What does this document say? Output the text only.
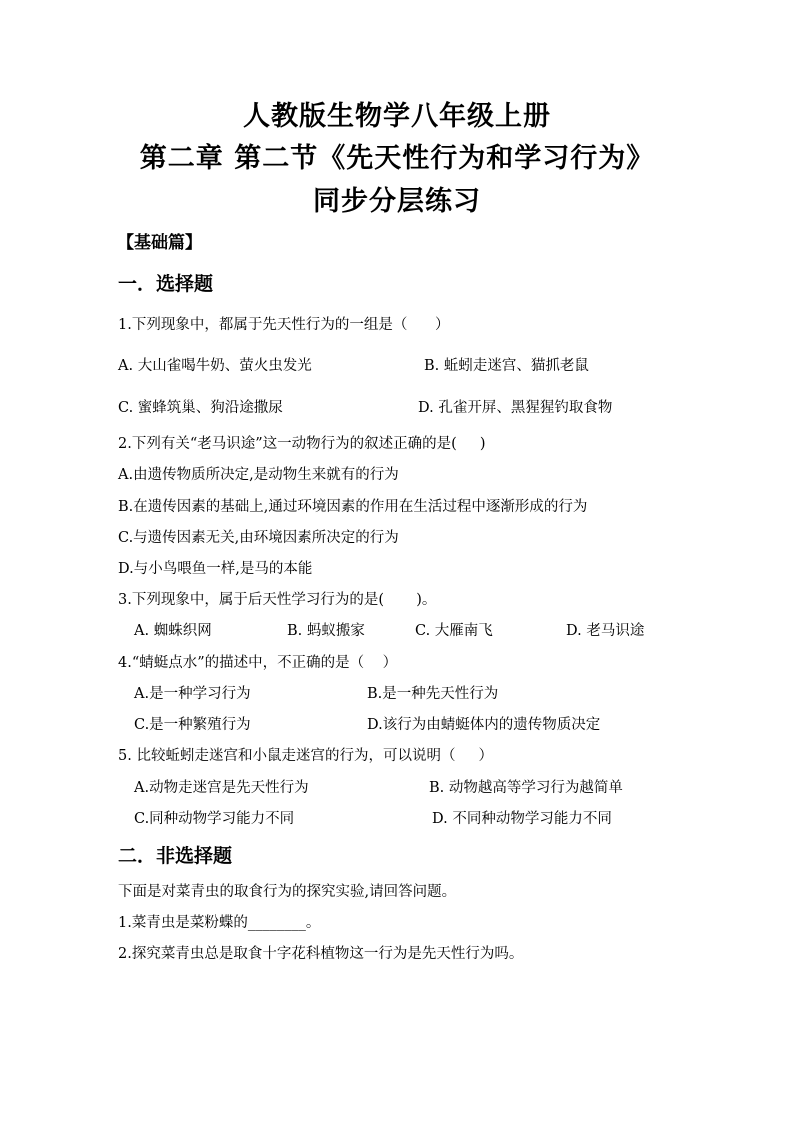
人教版生物学八年级上册
第二章 第二节《先天性行为和学习行为》
同步分层练习
【基础篇】
一．选择题
1.下列现象中，都属于先天性行为的一组是（      ）
A. 大山雀喝牛奶、萤火虫发光	B. 蚯蚓走迷宫、猫抓老鼠
C. 蜜蜂筑巢、狗沿途撒尿	D. 孔雀开屏、黑猩猩钓取食物
2.下列有关“老马识途”这一动物行为的叙述正确的是(     )
A.由遗传物质所决定,是动物生来就有的行为
B.在遗传因素的基础上,通过环境因素的作用在生活过程中逐渐形成的行为
C.与遗传因素无关,由环境因素所决定的行为
D.与小鸟喂鱼一样,是马的本能
3.下列现象中，属于后天性学习行为的是(       )。
A. 蜘蛛织网	B. 蚂蚁搬家	C. 大雁南飞	D. 老马识途
4.“蜻蜓点水”的描述中，不正确的是（    ）
A.是一种学习行为	B.是一种先天性行为
C.是一种繁殖行为	D.该行为由蜻蜓体内的遗传物质决定
5. 比较蚯蚓走迷宫和小鼠走迷宫的行为，可以说明（     ）
A.动物走迷宫是先天性行为	B. 动物越高等学习行为越简单
C.同种动物学习能力不同	D. 不同种动物学习能力不同
二．非选择题
下面是对菜青虫的取食行为的探究实验,请回答问题。
1.菜青虫是菜粉蝶的________。
2.探究菜青虫总是取食十字花科植物这一行为是先天性行为吗。
